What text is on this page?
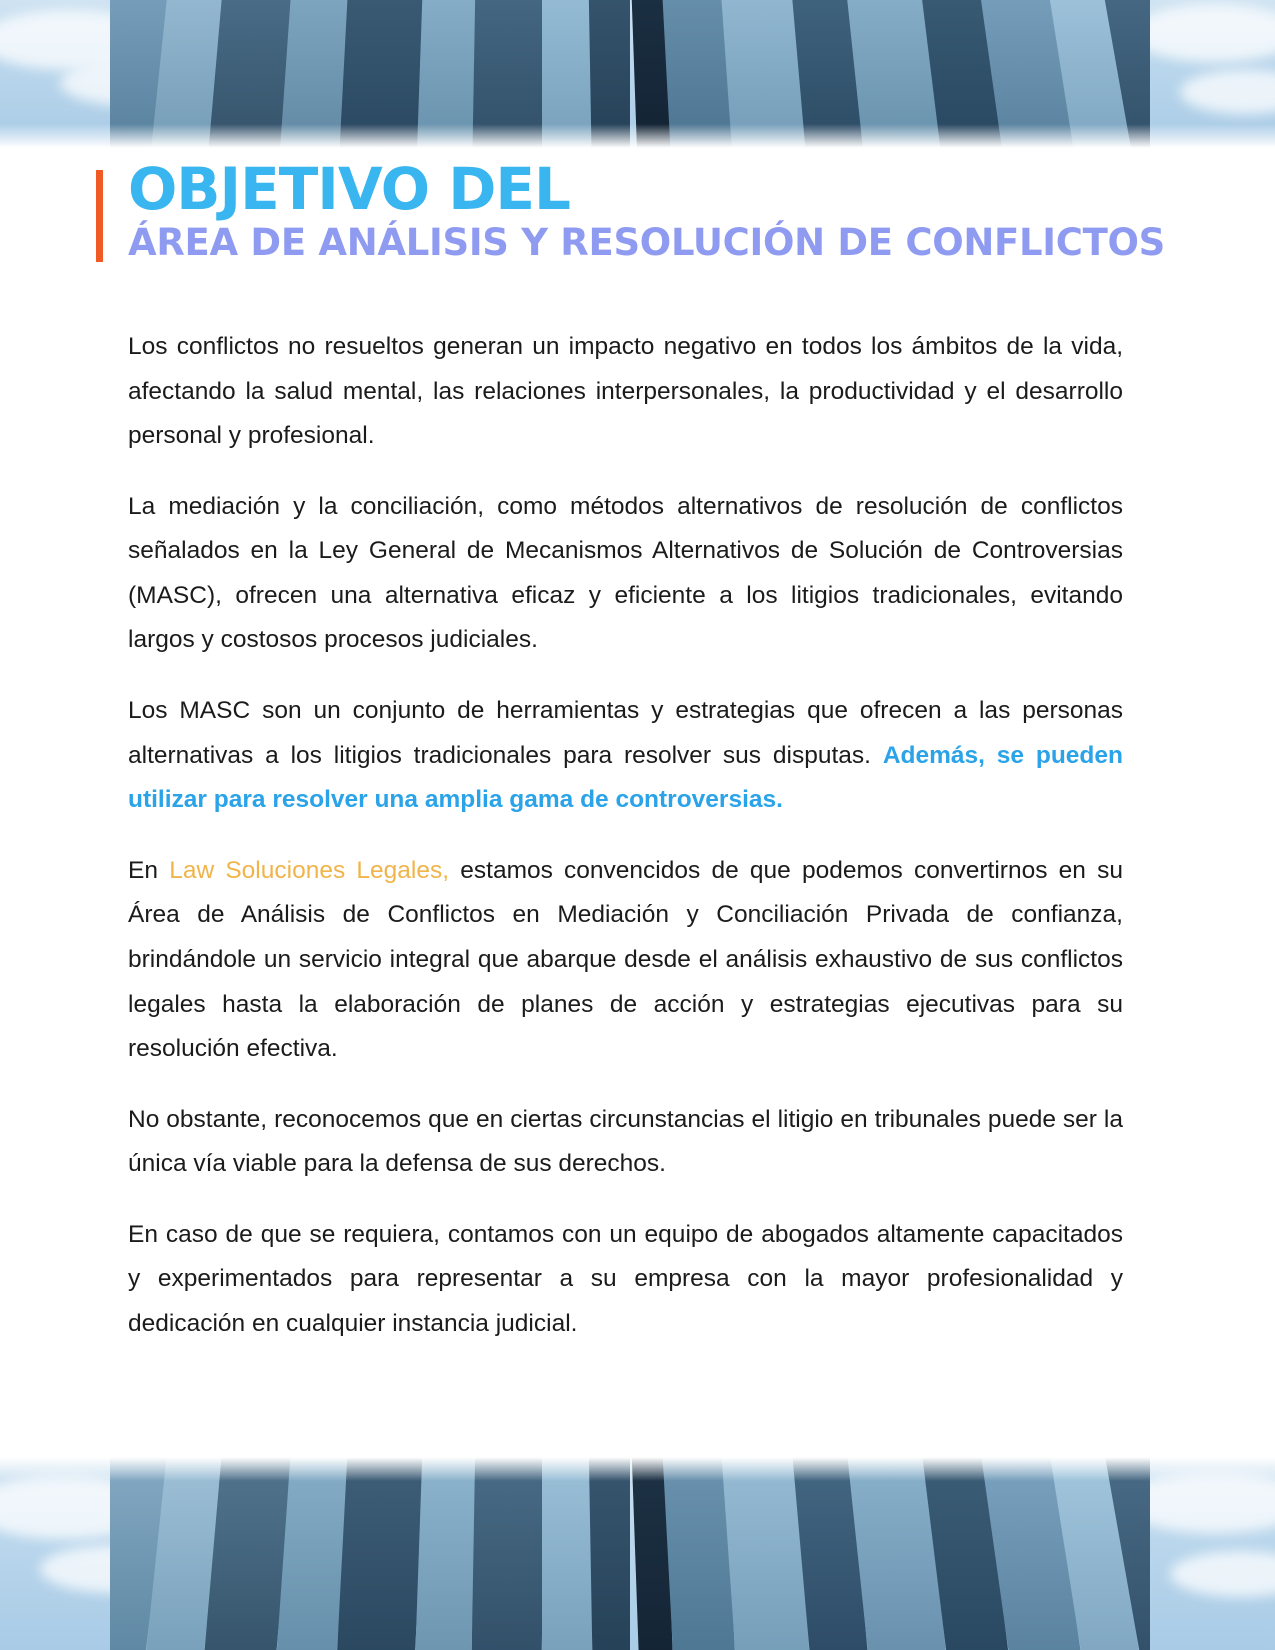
OBJETIVO DEL
ÁREA DE ANÁLISIS Y RESOLUCIÓN DE CONFLICTOS

Los conflictos no resueltos generan un impacto negativo en todos los ámbitos de la vida, afectando la salud mental, las relaciones interpersonales, la productividad y el desarrollo personal y profesional.

La mediación y la conciliación, como métodos alternativos de resolución de conflictos señalados en la Ley General de Mecanismos Alternativos de Solución de Controversias (MASC), ofrecen una alternativa eficaz y eficiente a los litigios tradicionales, evitando largos y costosos procesos judiciales.

Los MASC son un conjunto de herramientas y estrategias que ofrecen a las personas alternativas a los litigios tradicionales para resolver sus disputas. Además, se pueden utilizar para resolver una amplia gama de controversias.

En Law Soluciones Legales, estamos convencidos de que podemos convertirnos en su Área de Análisis de Conflictos en Mediación y Conciliación Privada de confianza, brindándole un servicio integral que abarque desde el análisis exhaustivo de sus conflictos legales hasta la elaboración de planes de acción y estrategias ejecutivas para su resolución efectiva.

No obstante, reconocemos que en ciertas circunstancias el litigio en tribunales puede ser la única vía viable para la defensa de sus derechos.

En caso de que se requiera, contamos con un equipo de abogados altamente capacitados y experimentados para representar a su empresa con la mayor profesionalidad y dedicación en cualquier instancia judicial.
